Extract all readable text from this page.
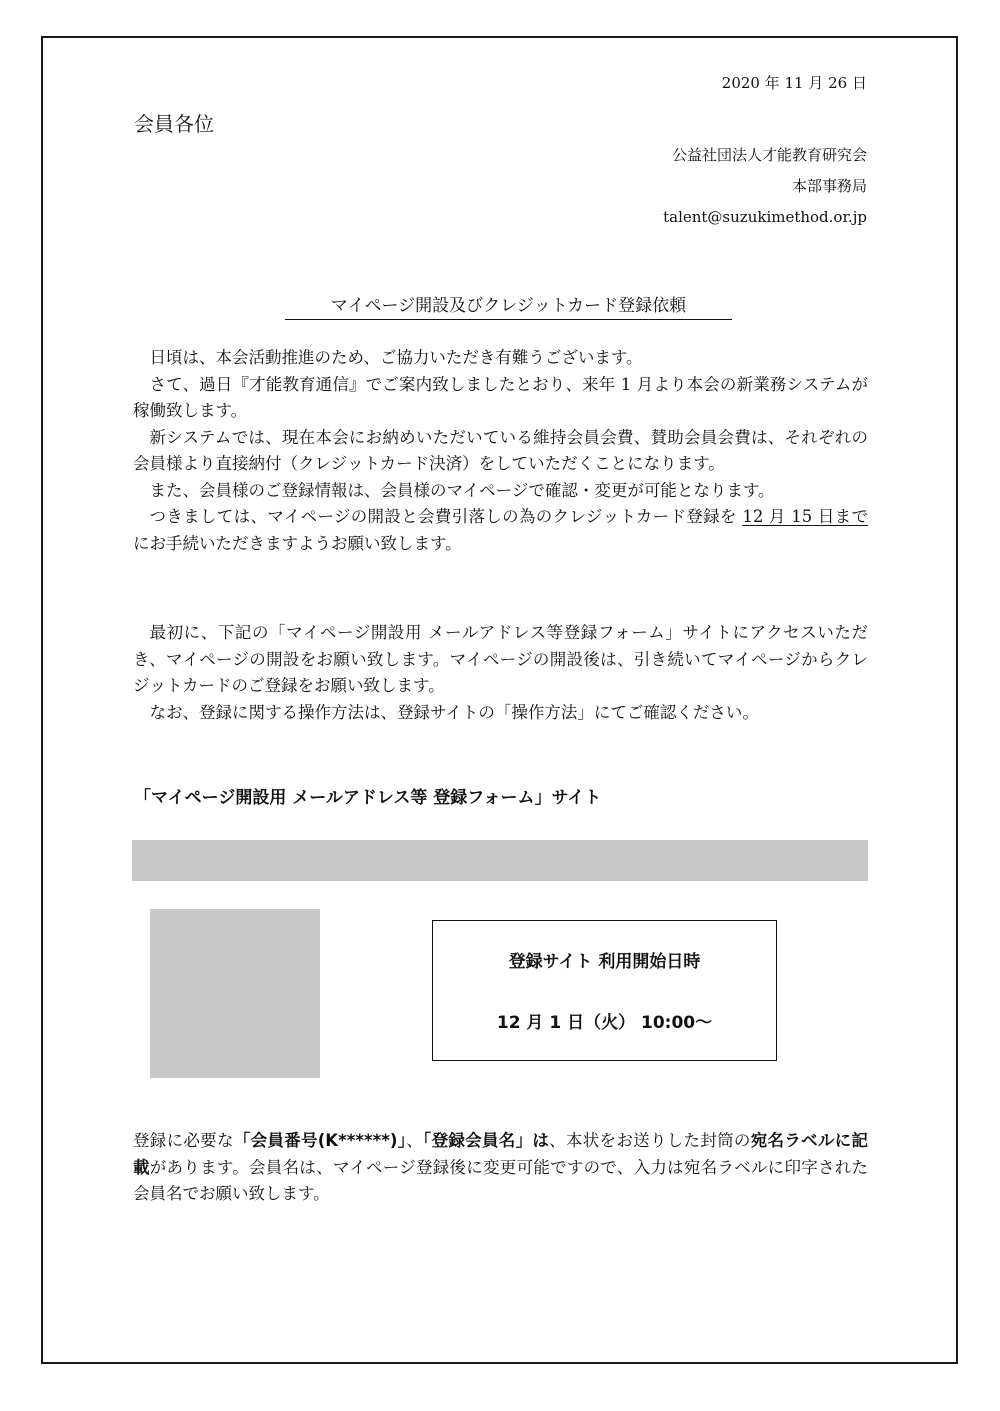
2020 年 11 月 26 日
会員各位
公益社団法人才能教育研究会
本部事務局
talent@suzukimethod.or.jp
マイページ開設及びクレジットカード登録依頼

日頃は、本会活動推進のため、ご協力いただき有難うございます。

さて、過日『才能教育通信』でご案内致しましたとおり、来年 1 月より本会の新業務システムが稼働致します。

新システムでは、現在本会にお納めいただいている維持会員会費、賛助会員会費は、それぞれの会員様より直接納付（クレジットカード決済）をしていただくことになります。

また、会員様のご登録情報は、会員様のマイページで確認・変更が可能となります。

つきましては、マイページの開設と会費引落しの為のクレジットカード登録を 12 月 15 日までにお手続いただきますようお願い致します。

最初に、下記の「マイページ開設用 メールアドレス等登録フォーム」サイトにアクセスいただき、マイページの開設をお願い致します。マイページの開設後は、引き続いてマイページからクレジットカードのご登録をお願い致します。

なお、登録に関する操作方法は、登録サイトの「操作方法」にてご確認ください。

「マイページ開設用 メールアドレス等 登録フォーム」サイト
登録サイト 利用開始日時
12 月 1 日（火） 10:00～

登録に必要な「会員番号(K******)」、「登録会員名」は、本状をお送りした封筒の宛名ラベルに記載があります。会員名は、マイページ登録後に変更可能ですので、入力は宛名ラベルに印字された会員名でお願い致します。
